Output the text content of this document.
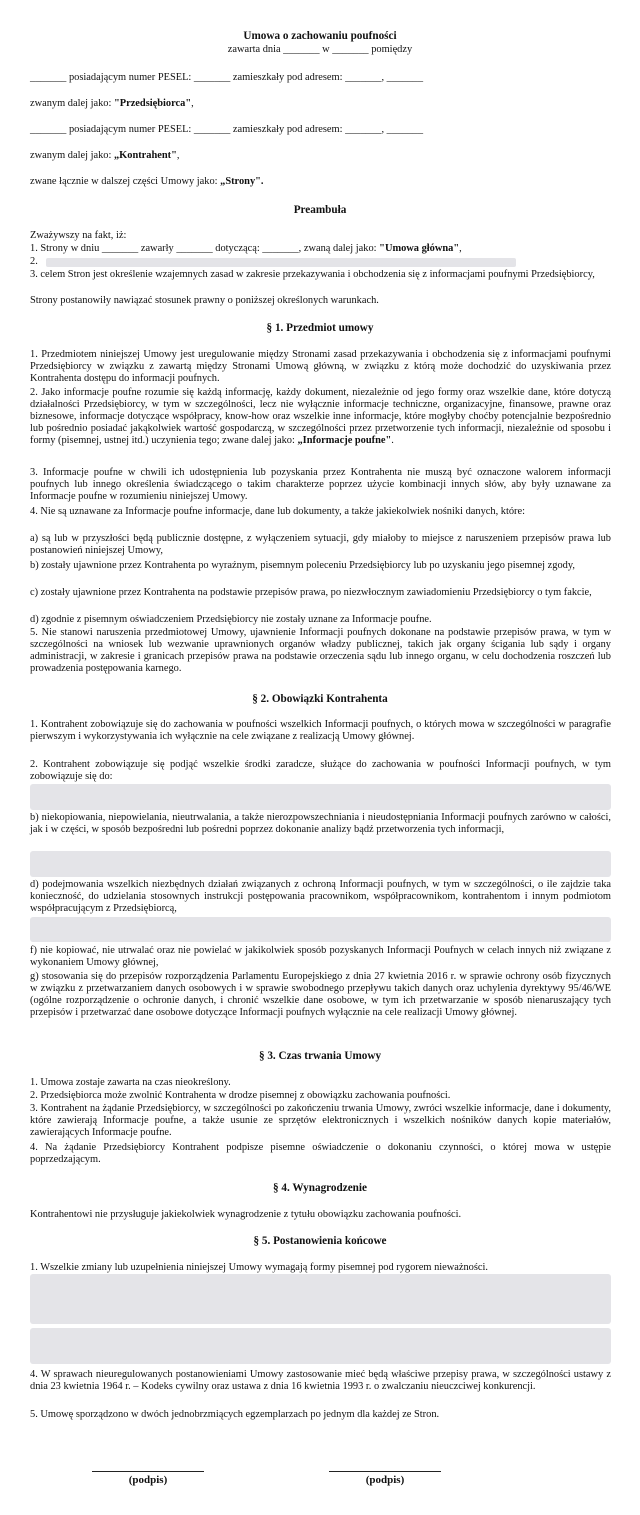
Umowa o zachowaniu poufności
zawarta dnia _______ w _______ pomiędzy
_______ posiadającym numer PESEL: _______ zamieszkały pod adresem: _______, _______
zwanym dalej jako: "Przedsiębiorca",
_______ posiadającym numer PESEL: _______ zamieszkały pod adresem: _______, _______
zwanym dalej jako: „Kontrahent",
zwane łącznie w dalszej części Umowy jako: „Strony".
Preambuła
Zważywszy na fakt, iż:
1. Strony w dniu _______ zawarły _______ dotyczącą: _______, zwaną dalej jako: "Umowa główna",
2.
3. celem Stron jest określenie wzajemnych zasad w zakresie przekazywania i obchodzenia się z informacjami poufnymi Przedsiębiorcy,
Strony postanowiły nawiązać stosunek prawny o poniższej określonych warunkach.
§ 1. Przedmiot umowy
1. Przedmiotem niniejszej Umowy jest uregulowanie między Stronami zasad przekazywania i obchodzenia się z informacjami poufnymi Przedsiębiorcy w związku z zawartą między Stronami Umową główną, w związku z którą może dochodzić do uzyskiwania przez Kontrahenta dostępu do informacji poufnych.
2. Jako informacje poufne rozumie się każdą informację, każdy dokument, niezależnie od jego formy oraz wszelkie dane, które dotyczą działalności Przedsiębiorcy, w tym w szczególności, lecz nie wyłącznie informacje techniczne, organizacyjne, finansowe, prawne oraz biznesowe, informacje dotyczące współpracy, know-how oraz wszelkie inne informacje, które mogłyby choćby potencjalnie bezpośrednio lub pośrednio posiadać jakąkolwiek wartość gospodarczą, w szczególności przez przetworzenie tych informacji, niezależnie od sposobu i formy (pisemnej, ustnej itd.) uczynienia tego; zwane dalej jako: „Informacje poufne".
3. Informacje poufne w chwili ich udostępnienia lub pozyskania przez Kontrahenta nie muszą być oznaczone walorem informacji poufnych lub innego określenia świadczącego o takim charakterze poprzez użycie kombinacji innych słów, aby były uznawane za Informacje poufne w rozumieniu niniejszej Umowy.
4. Nie są uznawane za Informacje poufne informacje, dane lub dokumenty, a także jakiekolwiek nośniki danych, które:
a) są lub w przyszłości będą publicznie dostępne, z wyłączeniem sytuacji, gdy miałoby to miejsce z naruszeniem przepisów prawa lub postanowień niniejszej Umowy,
b) zostały ujawnione przez Kontrahenta po wyraźnym, pisemnym poleceniu Przedsiębiorcy lub po uzyskaniu jego pisemnej zgody,
c) zostały ujawnione przez Kontrahenta na podstawie przepisów prawa, po niezwłocznym zawiadomieniu Przedsiębiorcy o tym fakcie,
d) zgodnie z pisemnym oświadczeniem Przedsiębiorcy nie zostały uznane za Informacje poufne.
5. Nie stanowi naruszenia przedmiotowej Umowy, ujawnienie Informacji poufnych dokonane na podstawie przepisów prawa, w tym w szczególności na wniosek lub wezwanie uprawnionych organów władzy publicznej, takich jak organy ścigania lub sądy i organy administracji, w zakresie i granicach przepisów prawa na podstawie orzeczenia sądu lub innego organu, w celu dochodzenia roszczeń lub prowadzenia postępowania karnego.
§ 2. Obowiązki Kontrahenta
1. Kontrahent zobowiązuje się do zachowania w poufności wszelkich Informacji poufnych, o których mowa w szczególności w paragrafie pierwszym i wykorzystywania ich wyłącznie na cele związane z realizacją Umowy głównej.
2. Kontrahent zobowiązuje się podjąć wszelkie środki zaradcze, służące do zachowania w poufności Informacji poufnych, w tym zobowiązuje się do:
b) niekopiowania, niepowielania, nieutrwalania, a także nierozpowszechniania i nieudostępniania Informacji poufnych zarówno w całości, jak i w części, w sposób bezpośredni lub pośredni poprzez dokonanie analizy bądź przetworzenia tych informacji,
d) podejmowania wszelkich niezbędnych działań związanych z ochroną Informacji poufnych, w tym w szczególności, o ile zajdzie taka konieczność, do udzielania stosownych instrukcji postępowania pracownikom, współpracownikom, kontrahentom i innym podmiotom współpracującym z Przedsiębiorcą,
f) nie kopiować, nie utrwalać oraz nie powielać w jakikolwiek sposób pozyskanych Informacji Poufnych w celach innych niż związane z wykonaniem Umowy głównej,
g) stosowania się do przepisów rozporządzenia Parlamentu Europejskiego z dnia 27 kwietnia 2016 r. w sprawie ochrony osób fizycznych w związku z przetwarzaniem danych osobowych i w sprawie swobodnego przepływu takich danych oraz uchylenia dyrektywy 95/46/WE (ogólne rozporządzenie o ochronie danych, i chronić wszelkie dane osobowe, w tym ich przetwarzanie w sposób nienaruszający tych przepisów i przetwarzać dane osobowe dotyczące Informacji poufnych wyłącznie na cele realizacji Umowy głównej.
§ 3. Czas trwania Umowy
1. Umowa zostaje zawarta na czas nieokreślony.
2. Przedsiębiorca może zwolnić Kontrahenta w drodze pisemnej z obowiązku zachowania poufności.
3. Kontrahent na żądanie Przedsiębiorcy, w szczególności po zakończeniu trwania Umowy, zwróci wszelkie informacje, dane i dokumenty, które zawierają Informacje poufne, a także usunie ze sprzętów elektronicznych i wszelkich nośników danych kopie materiałów, zawierających Informacje poufne.
4. Na żądanie Przedsiębiorcy Kontrahent podpisze pisemne oświadczenie o dokonaniu czynności, o której mowa w ustępie poprzedzającym.
§ 4. Wynagrodzenie
Kontrahentowi nie przysługuje jakiekolwiek wynagrodzenie z tytułu obowiązku zachowania poufności.
§ 5. Postanowienia końcowe
1. Wszelkie zmiany lub uzupełnienia niniejszej Umowy wymagają formy pisemnej pod rygorem nieważności.
4. W sprawach nieuregulowanych postanowieniami Umowy zastosowanie mieć będą właściwe przepisy prawa, w szczególności ustawy z dnia 23 kwietnia 1964 r. – Kodeks cywilny oraz ustawa z dnia 16 kwietnia 1993 r. o zwalczaniu nieuczciwej konkurencji.
5. Umowę sporządzono w dwóch jednobrzmiących egzemplarzach po jednym dla każdej ze Stron.
(podpis)	(podpis)
